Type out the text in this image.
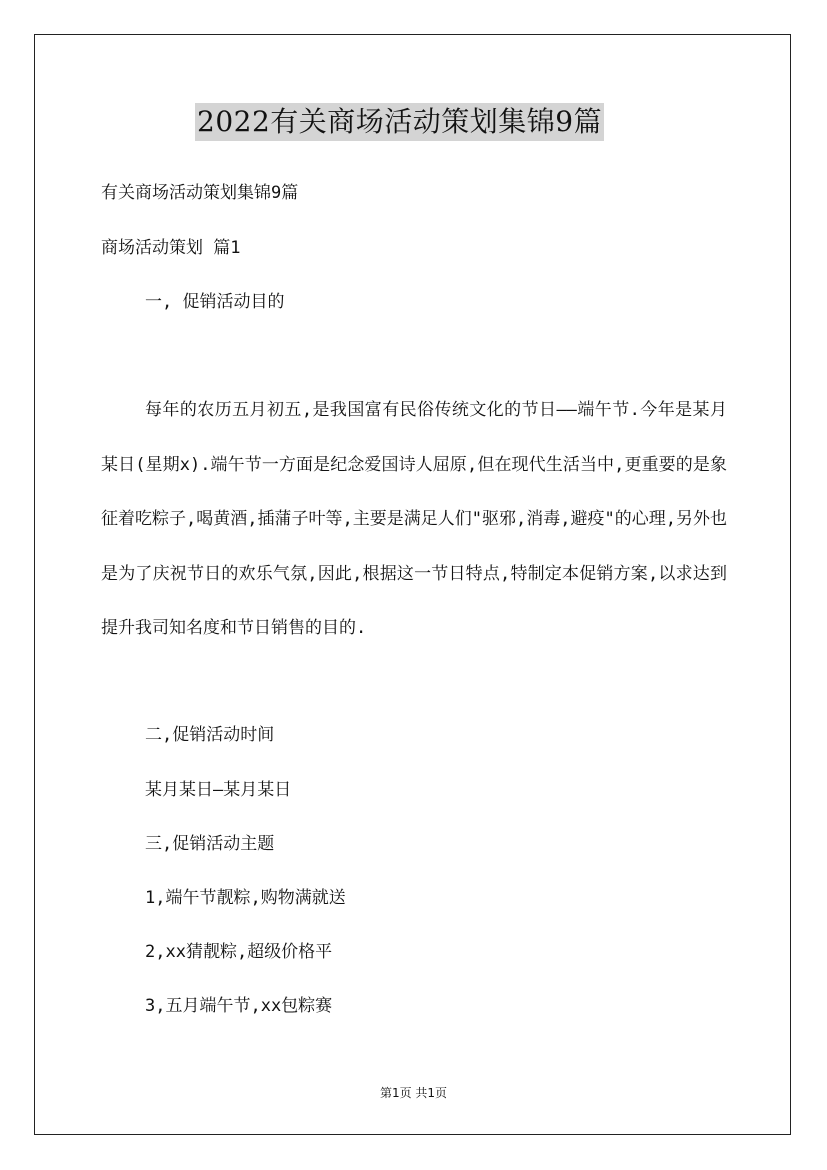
2022有关商场活动策划集锦9篇
有关商场活动策划集锦9篇
商场活动策划 篇1
一, 促销活动目的
每年的农历五月初五,是我国富有民俗传统文化的节日——端午节.今年是某月某日(星期x).端午节一方面是纪念爱国诗人屈原,但在现代生活当中,更重要的是象征着吃粽子,喝黄酒,插蒲子叶等,主要是满足人们"驱邪,消毒,避疫"的心理,另外也是为了庆祝节日的欢乐气氛,因此,根据这一节日特点,特制定本促销方案,以求达到提升我司知名度和节日销售的目的.
二,促销活动时间
某月某日—某月某日
三,促销活动主题
1,端午节靓粽,购物满就送
2,xx猜靓粽,超级价格平
3,五月端午节,xx包粽赛
第1页 共1页
